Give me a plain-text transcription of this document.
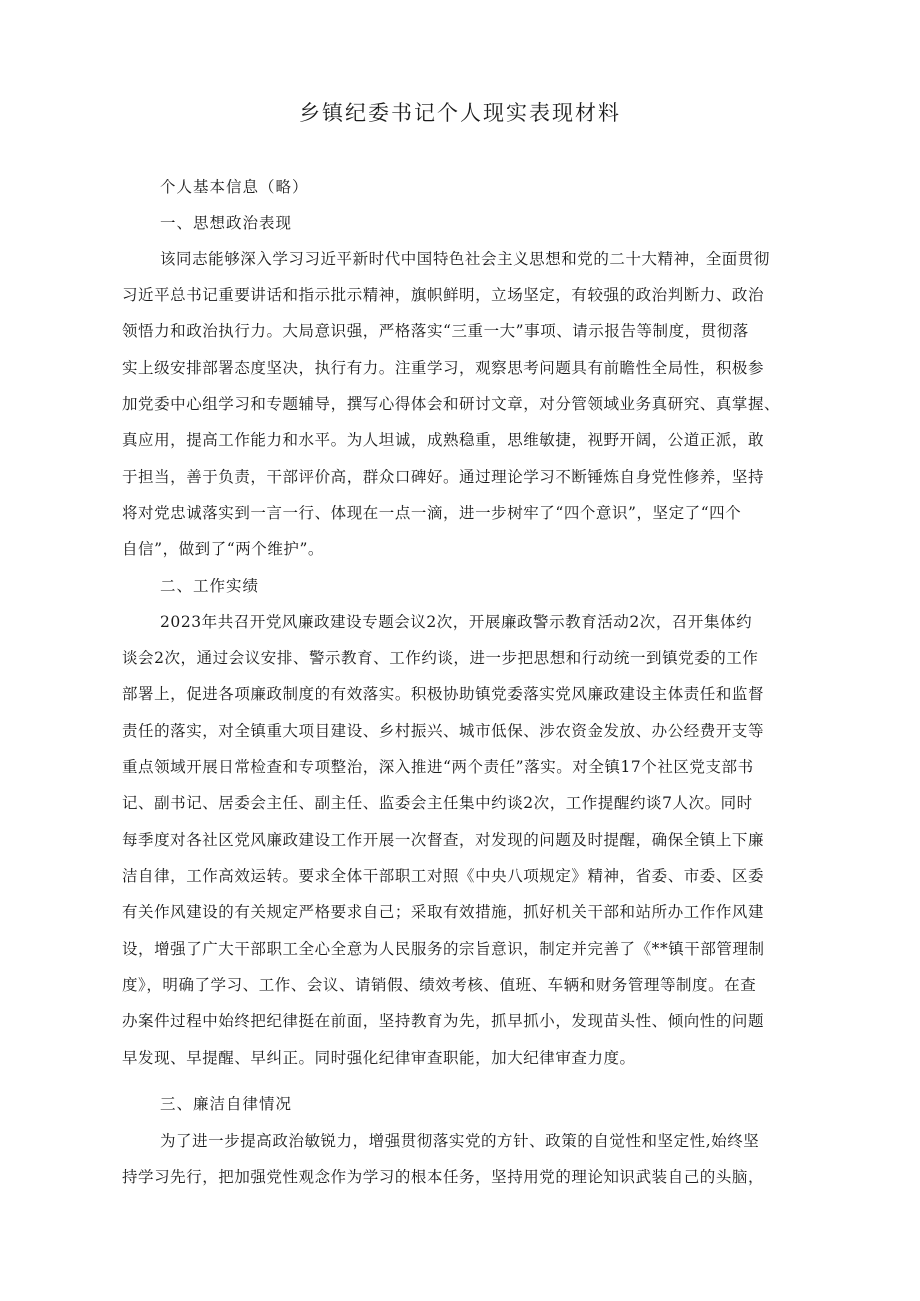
乡镇纪委书记个人现实表现材料
个人基本信息（略）
一、思想政治表现
该同志能够深入学习习近平新时代中国特色社会主义思想和党的二十大精神，全面贯彻
习近平总书记重要讲话和指示批示精神，旗帜鲜明，立场坚定，有较强的政治判断力、政治
领悟力和政治执行力。大局意识强，严格落实“三重一大”事项、请示报告等制度，贯彻落
实上级安排部署态度坚决，执行有力。注重学习，观察思考问题具有前瞻性全局性，积极参
加党委中心组学习和专题辅导，撰写心得体会和研讨文章，对分管领域业务真研究、真掌握、
真应用，提高工作能力和水平。为人坦诚，成熟稳重，思维敏捷，视野开阔，公道正派，敢
于担当，善于负责，干部评价高，群众口碑好。通过理论学习不断锤炼自身党性修养，坚持
将对党忠诚落实到一言一行、体现在一点一滴，进一步树牢了“四个意识”，坚定了“四个
自信”，做到了“两个维护”。
二、工作实绩
2023年共召开党风廉政建设专题会议2次，开展廉政警示教育活动2次，召开集体约
谈会2次，通过会议安排、警示教育、工作约谈，进一步把思想和行动统一到镇党委的工作
部署上，促进各项廉政制度的有效落实。积极协助镇党委落实党风廉政建设主体责任和监督
责任的落实，对全镇重大项目建设、乡村振兴、城市低保、涉农资金发放、办公经费开支等
重点领域开展日常检查和专项整治，深入推进“两个责任”落实。对全镇17个社区党支部书
记、副书记、居委会主任、副主任、监委会主任集中约谈2次，工作提醒约谈7人次。同时
每季度对各社区党风廉政建设工作开展一次督查，对发现的问题及时提醒，确保全镇上下廉
洁自律，工作高效运转。要求全体干部职工对照《中央八项规定》精神，省委、市委、区委
有关作风建设的有关规定严格要求自己；采取有效措施，抓好机关干部和站所办工作作风建
设，增强了广大干部职工全心全意为人民服务的宗旨意识，制定并完善了《**镇干部管理制
度》，明确了学习、工作、会议、请销假、绩效考核、值班、车辆和财务管理等制度。在查
办案件过程中始终把纪律挺在前面，坚持教育为先，抓早抓小，发现苗头性、倾向性的问题
早发现、早提醒、早纠正。同时强化纪律审查职能，加大纪律审查力度。
三、廉洁自律情况
为了进一步提高政治敏锐力，增强贯彻落实党的方针、政策的自觉性和坚定性,始终坚
持学习先行，把加强党性观念作为学习的根本任务，坚持用党的理论知识武装自己的头脑，
